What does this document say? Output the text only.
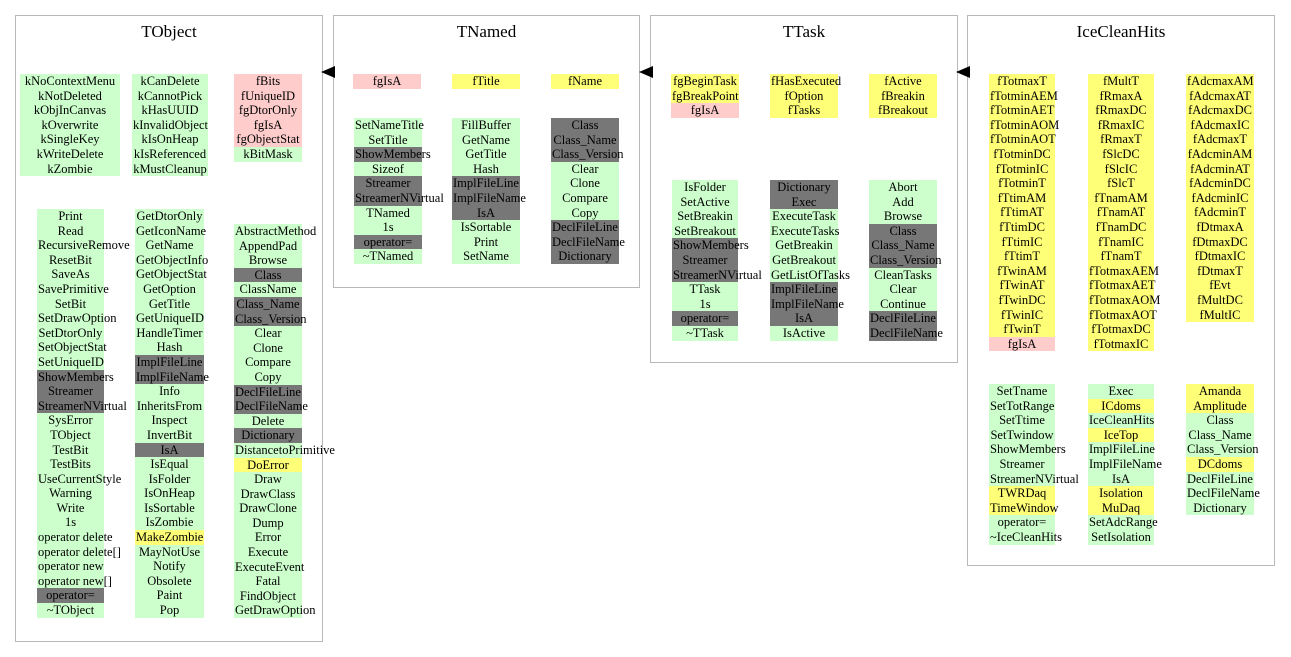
TObject	TNamed	TTask	IceCleanHits
kNoContextMenu
kNotDeleted
kObjInCanvas
kOverwrite
kSingleKey
kWriteDelete
kZombie
kCanDelete
kCannotPick
kHasUUID
kInvalidObject
kIsOnHeap
kIsReferenced
kMustCleanup
fBits
fUniqueID
fgDtorOnly
fgIsA
fgObjectStat
kBitMask
Print
Read
RecursiveRemove
ResetBit
SaveAs
SavePrimitive
SetBit
SetDrawOption
SetDtorOnly
SetObjectStat
SetUniqueID
ShowMembers
Streamer
StreamerNVirtual
SysError
TObject
TestBit
TestBits
UseCurrentStyle
Warning
Write
1s
operator delete
operator delete[]
operator new
operator new[]
operator=
~TObject
GetDtorOnly
GetIconName
GetName
GetObjectInfo
GetObjectStat
GetOption
GetTitle
GetUniqueID
HandleTimer
Hash
ImplFileLine
ImplFileName
Info
InheritsFrom
Inspect
InvertBit
IsA
IsEqual
IsFolder
IsOnHeap
IsSortable
IsZombie
MakeZombie
MayNotUse
Notify
Obsolete
Paint
Pop
AbstractMethod
AppendPad
Browse
Class
ClassName
Class_Name
Class_Version
Clear
Clone
Compare
Copy
DeclFileLine
DeclFileName
Delete
Dictionary
DistancetoPrimitive
DoError
Draw
DrawClass
DrawClone
Dump
Error
Execute
ExecuteEvent
Fatal
FindObject
GetDrawOption
fgIsA	fTitle	fName
SetNameTitle
SetTitle
ShowMembers
Sizeof
Streamer
StreamerNVirtual
TNamed
1s
operator=
~TNamed
FillBuffer
GetName
GetTitle
Hash
ImplFileLine
ImplFileName
IsA
IsSortable
Print
SetName
Class
Class_Name
Class_Version
Clear
Clone
Compare
Copy
DeclFileLine
DeclFileName
Dictionary
fgBeginTask
fgBreakPoint
fgIsA
fHasExecuted
fOption
fTasks
fActive
fBreakin
fBreakout
IsFolder
SetActive
SetBreakin
SetBreakout
ShowMembers
Streamer
StreamerNVirtual
TTask
1s
operator=
~TTask
Dictionary
Exec
ExecuteTask
ExecuteTasks
GetBreakin
GetBreakout
GetListOfTasks
ImplFileLine
ImplFileName
IsA
IsActive
Abort
Add
Browse
Class
Class_Name
Class_Version
CleanTasks
Clear
Continue
DeclFileLine
DeclFileName
fTotmaxT
fTotminAEM
fTotminAET
fTotminAOM
fTotminAOT
fTotminDC
fTotminIC
fTotminT
fTtimAM
fTtimAT
fTtimDC
fTtimIC
fTtimT
fTwinAM
fTwinAT
fTwinDC
fTwinIC
fTwinT
fgIsA
fMultT
fRmaxA
fRmaxDC
fRmaxIC
fRmaxT
fSlcDC
fSlcIC
fSlcT
fTnamAM
fTnamAT
fTnamDC
fTnamIC
fTnamT
fTotmaxAEM
fTotmaxAET
fTotmaxAOM
fTotmaxAOT
fTotmaxDC
fTotmaxIC
fAdcmaxAM
fAdcmaxAT
fAdcmaxDC
fAdcmaxIC
fAdcmaxT
fAdcminAM
fAdcminAT
fAdcminDC
fAdcminIC
fAdcminT
fDtmaxA
fDtmaxDC
fDtmaxIC
fDtmaxT
fEvt
fMultDC
fMultIC
SetTname
SetTotRange
SetTtime
SetTwindow
ShowMembers
Streamer
StreamerNVirtual
TWRDaq
TimeWindow
operator=
~IceCleanHits
Exec
ICdoms
IceCleanHits
IceTop
ImplFileLine
ImplFileName
IsA
Isolation
MuDaq
SetAdcRange
SetIsolation
Amanda
Amplitude
Class
Class_Name
Class_Version
DCdoms
DeclFileLine
DeclFileName
Dictionary
